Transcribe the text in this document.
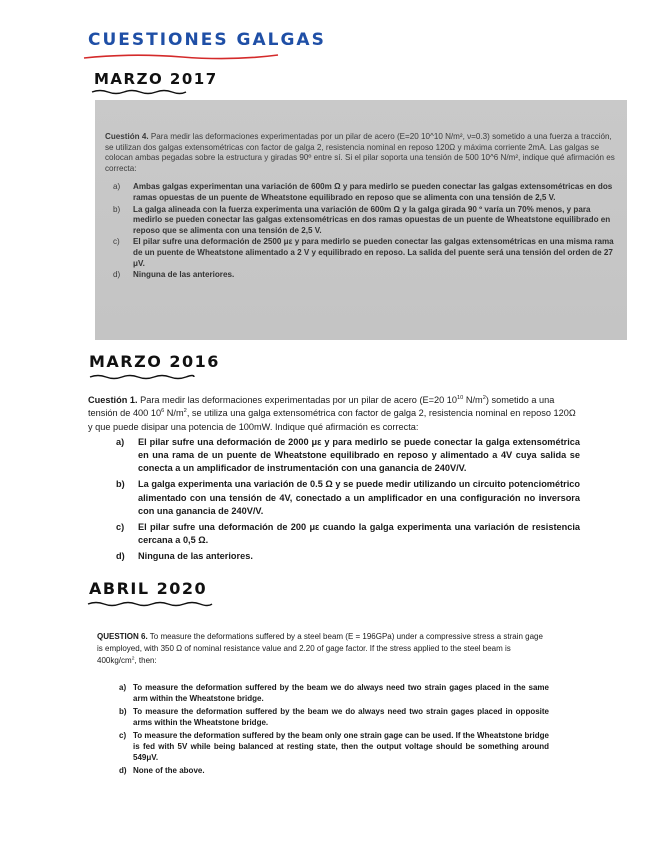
CUESTIONES GALGAS
MARZO 2017

Cuestión 4. Para medir las deformaciones experimentadas por un pilar de acero (E=20 10^10 N/m², ν=0.3) sometido a una fuerza a tracción, se utilizan dos galgas extensométricas con factor de galga 2, resistencia nominal en reposo 120Ω y máxima corriente 2mA. Las galgas se colocan ambas pegadas sobre la estructura y giradas 90º entre sí. Si el pilar soporta una tensión de 500 10^6 N/m², indique qué afirmación es correcta:

a)	Ambas galgas experimentan una variación de 600m Ω y para medirlo se pueden conectar las galgas extensométricas en dos ramas opuestas de un puente de Wheatstone equilibrado en reposo que se alimenta con una tensión de 2,5 V.
b)	La galga alineada con la fuerza experimenta una variación de 600m Ω y la galga girada 90 º varía un 70% menos, y para medirlo se pueden conectar las galgas extensométricas en dos ramas opuestas de un puente de Wheatstone equilibrado en reposo que se alimenta con una tensión de 2,5 V.
c)	El pilar sufre una deformación de 2500 με y para medirlo se pueden conectar las galgas extensométricas en una misma rama de un puente de Wheatstone alimentado a 2 V y equilibrado en reposo. La salida del puente será una tensión del orden de 27 μV.
d)	Ninguna de las anteriores.
MARZO 2016

Cuestión 1. Para medir las deformaciones experimentadas por un pilar de acero (E=20 $10^{10}$ $N/m^2$) sometido a una tensión de 400 $10^6$ $N/m^2$, se utiliza una galga extensométrica con factor de galga 2, resistencia nominal en reposo 120Ω y que puede disipar una potencia de 100mW. Indique qué afirmación es correcta:

a)	El pilar sufre una deformación de 2000 με y para medirlo se puede conectar la galga extensométrica en una rama de un puente de Wheatstone equilibrado en reposo y alimentado a 4V cuya salida se conecta a un amplificador de instrumentación con una ganancia de 240V/V.
b)	La galga experimenta una variación de 0.5 Ω y se puede medir utilizando un circuito potenciométrico alimentado con una tensión de 4V, conectado a un amplificador en una configuración no inversora con una ganancia de 240V/V.
c)	El pilar sufre una deformación de 200 με cuando la galga experimenta una variación de resistencia cercana a 0,5 Ω.
d)	Ninguna de las anteriores.
ABRIL 2020

QUESTION 6. To measure the deformations suffered by a steel beam (E = 196GPa) under a compressive stress a strain gage is employed, with 350 Ω of nominal resistance value and 2.20 of gage factor. If the stress applied to the steel beam is $400kg/cm^2$, then:

a) To measure the deformation suffered by the beam we do always need two strain gages placed in the same arm within the Wheatstone bridge.
b) To measure the deformation suffered by the beam we do always need two strain gages placed in opposite arms within the Wheatstone bridge.
c) To measure the deformation suffered by the beam only one strain gage can be used. If the Wheatstone bridge is fed with 5V while being balanced at resting state, then the output voltage should be something around 549μV.
d) None of the above.
